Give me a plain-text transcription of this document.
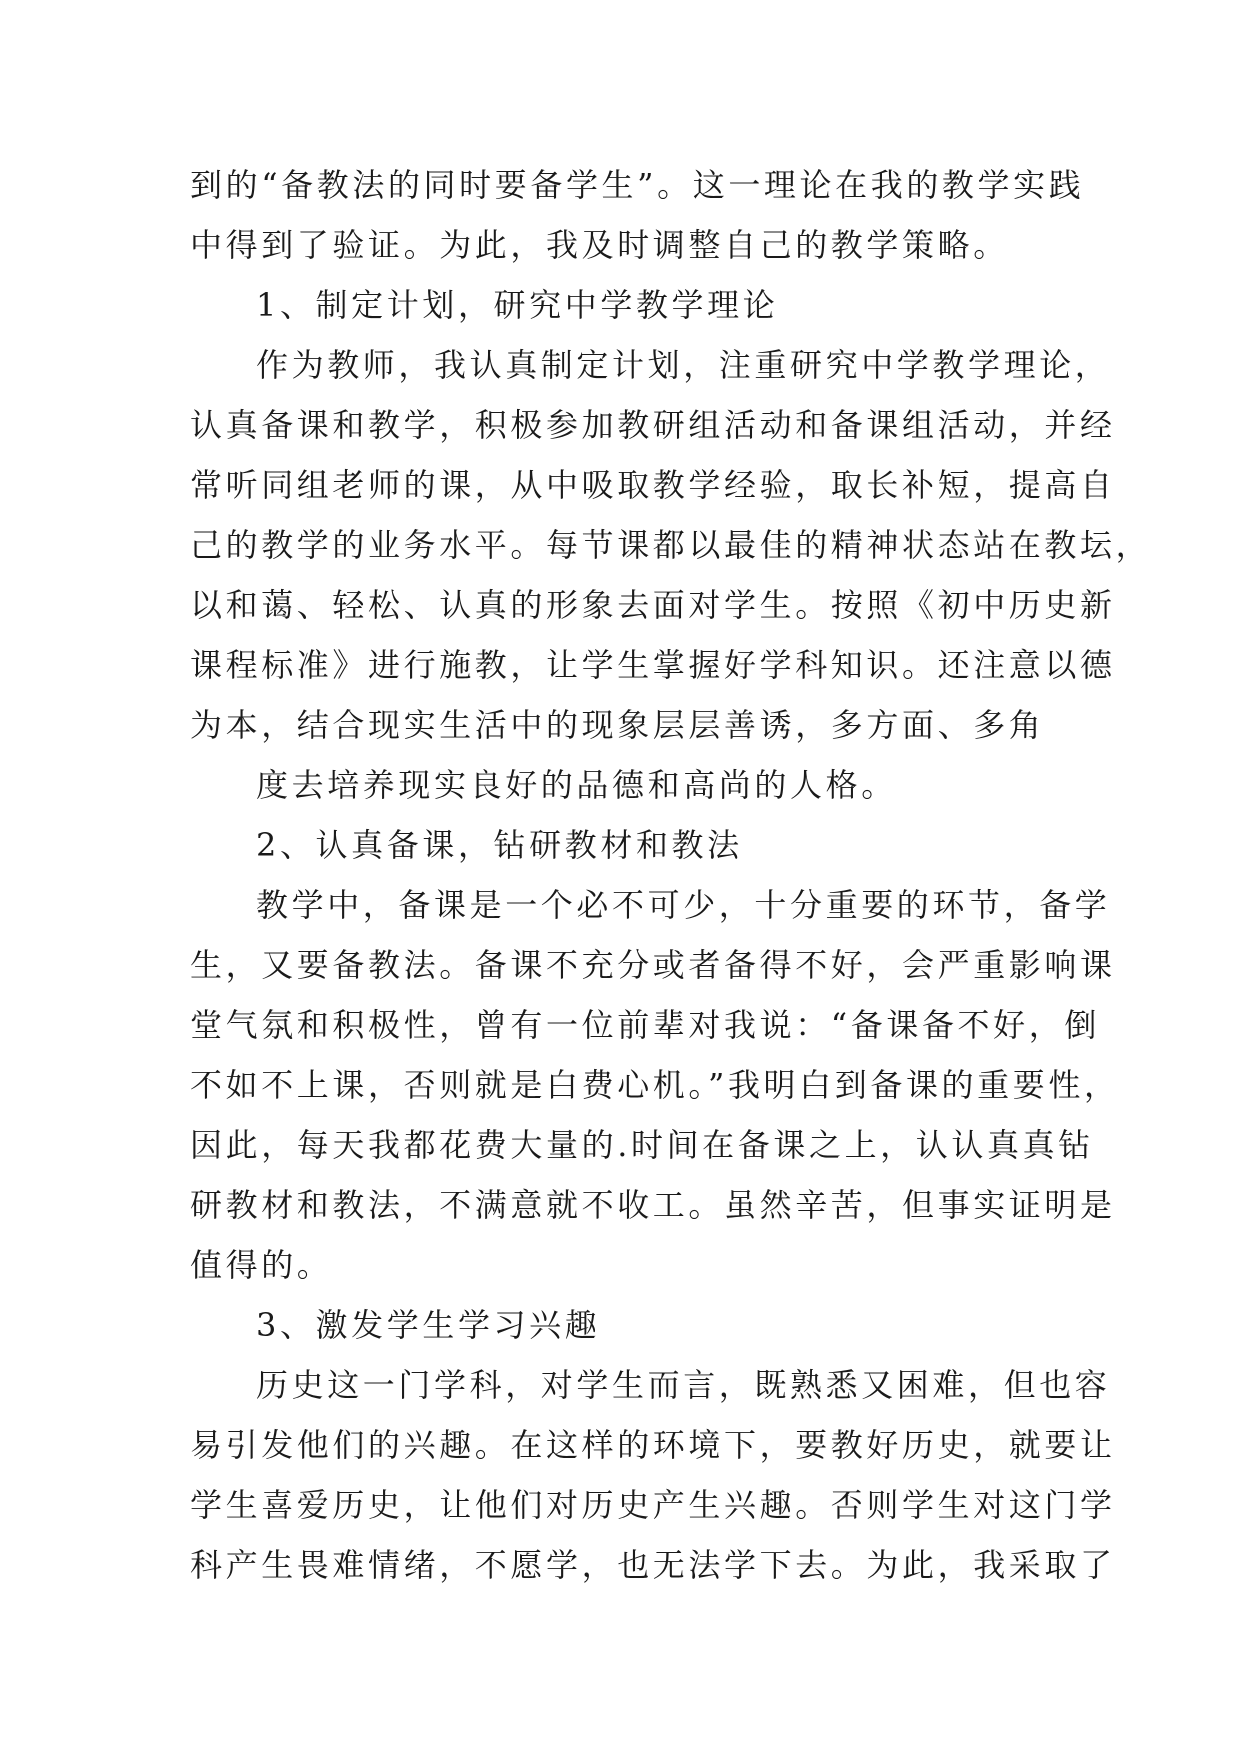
到的“备教法的同时要备学生”。这一理论在我的教学实践
中得到了验证。为此，我及时调整自己的教学策略。
1、制定计划，研究中学教学理论
作为教师，我认真制定计划，注重研究中学教学理论，
认真备课和教学，积极参加教研组活动和备课组活动，并经
常听同组老师的课，从中吸取教学经验，取长补短，提高自
己的教学的业务水平。每节课都以最佳的精神状态站在教坛，
以和蔼、轻松、认真的形象去面对学生。按照《初中历史新
课程标准》进行施教，让学生掌握好学科知识。还注意以德
为本，结合现实生活中的现象层层善诱，多方面、多角
度去培养现实良好的品德和高尚的人格。
2、认真备课，钻研教材和教法
教学中，备课是一个必不可少，十分重要的环节，备学
生，又要备教法。备课不充分或者备得不好，会严重影响课
堂气氛和积极性，曾有一位前辈对我说：“备课备不好，倒
不如不上课，否则就是白费心机。”我明白到备课的重要性，
因此，每天我都花费大量的.时间在备课之上，认认真真钻
研教材和教法，不满意就不收工。虽然辛苦，但事实证明是
值得的。
3、激发学生学习兴趣
历史这一门学科，对学生而言，既熟悉又困难，但也容
易引发他们的兴趣。在这样的环境下，要教好历史，就要让
学生喜爱历史，让他们对历史产生兴趣。否则学生对这门学
科产生畏难情绪，不愿学，也无法学下去。为此，我采取了
